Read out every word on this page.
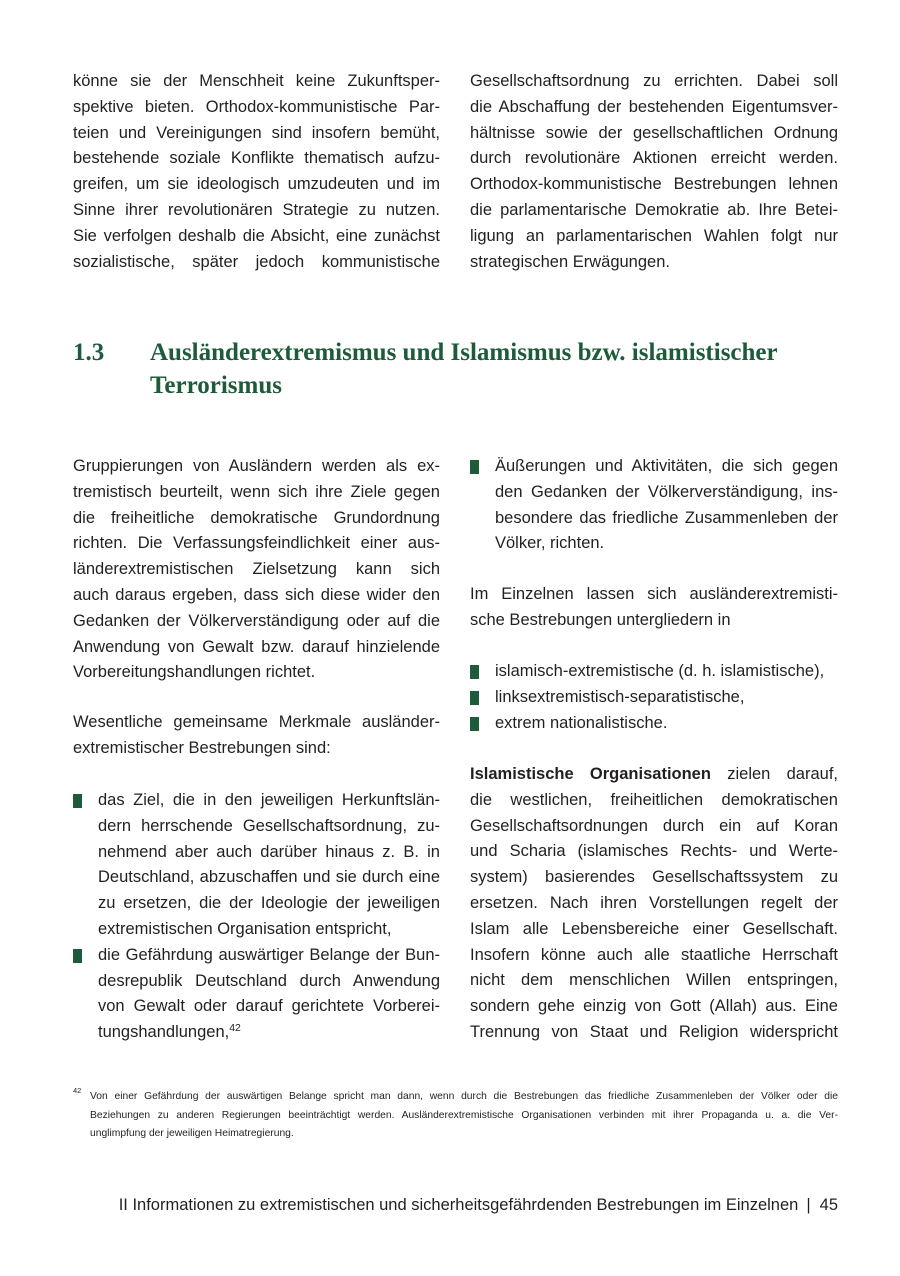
könne sie der Menschheit keine Zukunftsper-
spektive bieten. Orthodox-kommunistische Par-
teien und Vereinigungen sind insofern bemüht,
bestehende soziale Konflikte thematisch aufzu-
greifen, um sie ideologisch umzudeuten und im
Sinne ihrer revolutionären Strategie zu nutzen.
Sie verfolgen deshalb die Absicht, eine zunächst
sozialistische, später jedoch kommunistische
Gesellschaftsordnung zu errichten. Dabei soll
die Abschaffung der bestehenden Eigentumsver-
hältnisse sowie der gesellschaftlichen Ordnung
durch revolutionäre Aktionen erreicht werden.
Orthodox-kommunistische Bestrebungen lehnen
die parlamentarische Demokratie ab. Ihre Betei-
ligung an parlamentarischen Wahlen folgt nur
strategischen Erwägungen.
1.3 Ausländerextremismus und Islamismus bzw. islamistischer
Terrorismus
Gruppierungen von Ausländern werden als ex-
tremistisch beurteilt, wenn sich ihre Ziele gegen
die freiheitliche demokratische Grundordnung
richten. Die Verfassungsfeindlichkeit einer aus-
länderextremistischen Zielsetzung kann sich
auch daraus ergeben, dass sich diese wider den
Gedanken der Völkerverständigung oder auf die
Anwendung von Gewalt bzw. darauf hinzielende
Vorbereitungshandlungen richtet.
Wesentliche gemeinsame Merkmale ausländer-
extremistischer Bestrebungen sind:
das Ziel, die in den jeweiligen Herkunftslän-
dern herrschende Gesellschaftsordnung, zu-
nehmend aber auch darüber hinaus z. B. in
Deutschland, abzuschaffen und sie durch eine
zu ersetzen, die der Ideologie der jeweiligen
extremistischen Organisation entspricht,
die Gefährdung auswärtiger Belange der Bun-
desrepublik Deutschland durch Anwendung
von Gewalt oder darauf gerichtete Vorberei-
tungshandlungen,$^{42}$
Äußerungen und Aktivitäten, die sich gegen
den Gedanken der Völkerverständigung, ins-
besondere das friedliche Zusammenleben der
Völker, richten.
Im Einzelnen lassen sich ausländerextremisti-
sche Bestrebungen untergliedern in
islamisch-extremistische (d. h. islamistische),
linksextremistisch-separatistische,
extrem nationalistische.
Islamistische Organisationen zielen darauf,
die westlichen, freiheitlichen demokratischen
Gesellschaftsordnungen durch ein auf Koran
und Scharia (islamisches Rechts- und Werte-
system) basierendes Gesellschaftssystem zu
ersetzen. Nach ihren Vorstellungen regelt der
Islam alle Lebensbereiche einer Gesellschaft.
Insofern könne auch alle staatliche Herrschaft
nicht dem menschlichen Willen entspringen,
sondern gehe einzig von Gott (Allah) aus. Eine
Trennung von Staat und Religion widerspricht
42
Von einer Gefährdung der auswärtigen Belange spricht man dann, wenn durch die Bestrebungen das friedliche Zusammenleben der Völker oder die
Beziehungen zu anderen Regierungen beeinträchtigt werden. Ausländerextremistische Organisationen verbinden mit ihrer Propaganda u. a. die Ver-
unglimpfung der jeweiligen Heimatregierung.
II Informationen zu extremistischen und sicherheitsgefährdenden Bestrebungen im Einzelnen | 45
